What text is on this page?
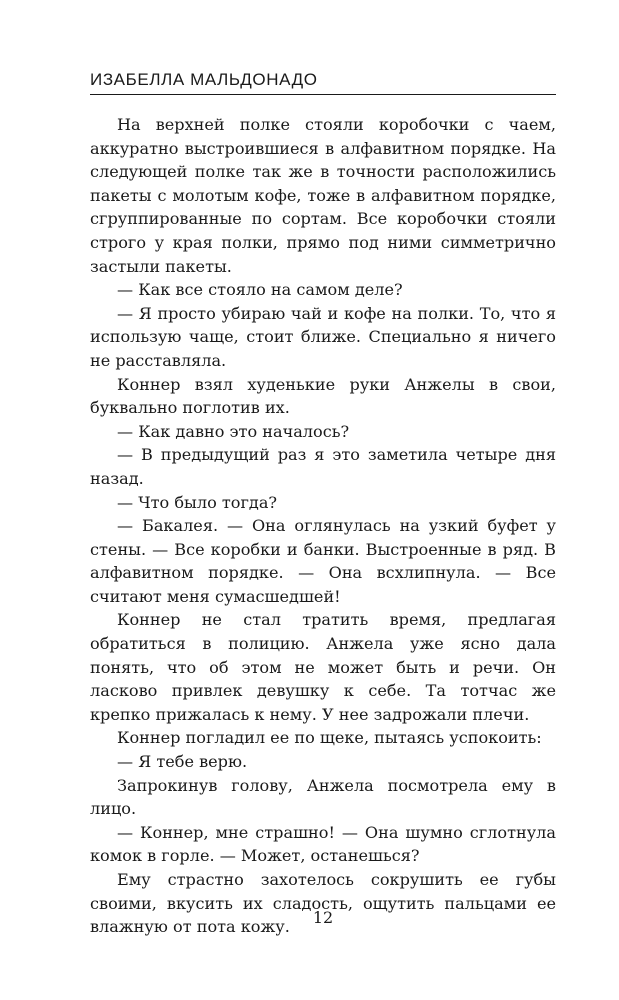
ИЗАБЕЛЛА МАЛЬДОНАДО

На верхней полке стояли коробочки с чаем, аккуратно выстроившиеся в алфавитном порядке. На следующей полке так же в точности расположились пакеты с молотым кофе, тоже в алфавитном порядке, сгруппированные по сортам. Все коробочки стояли строго у края полки, прямо под ними симметрично застыли пакеты.

— Как все стояло на самом деле?

— Я просто убираю чай и кофе на полки. То, что я использую чаще, стоит ближе. Специально я ничего не расставляла.

Коннер взял худенькие руки Анжелы в свои, буквально поглотив их.

— Как давно это началось?

— В предыдущий раз я это заметила четыре дня назад.

— Что было тогда?

— Бакалея. — Она оглянулась на узкий буфет у стены. — Все коробки и банки. Выстроенные в ряд. В алфавитном порядке. — Она всхлипнула. — Все считают меня сумасшедшей!

Коннер не стал тратить время, предлагая обратиться в полицию. Анжела уже ясно дала понять, что об этом не может быть и речи. Он ласково привлек девушку к себе. Та тотчас же крепко прижалась к нему. У нее задрожали плечи.

Коннер погладил ее по щеке, пытаясь успокоить:

— Я тебе верю.

Запрокинув голову, Анжела посмотрела ему в лицо.

— Коннер, мне страшно! — Она шумно сглотнула комок в горле. — Может, останешься?

Ему страстно захотелось сокрушить ее губы своими, вкусить их сладость, ощутить пальцами ее влажную от пота кожу.	12
